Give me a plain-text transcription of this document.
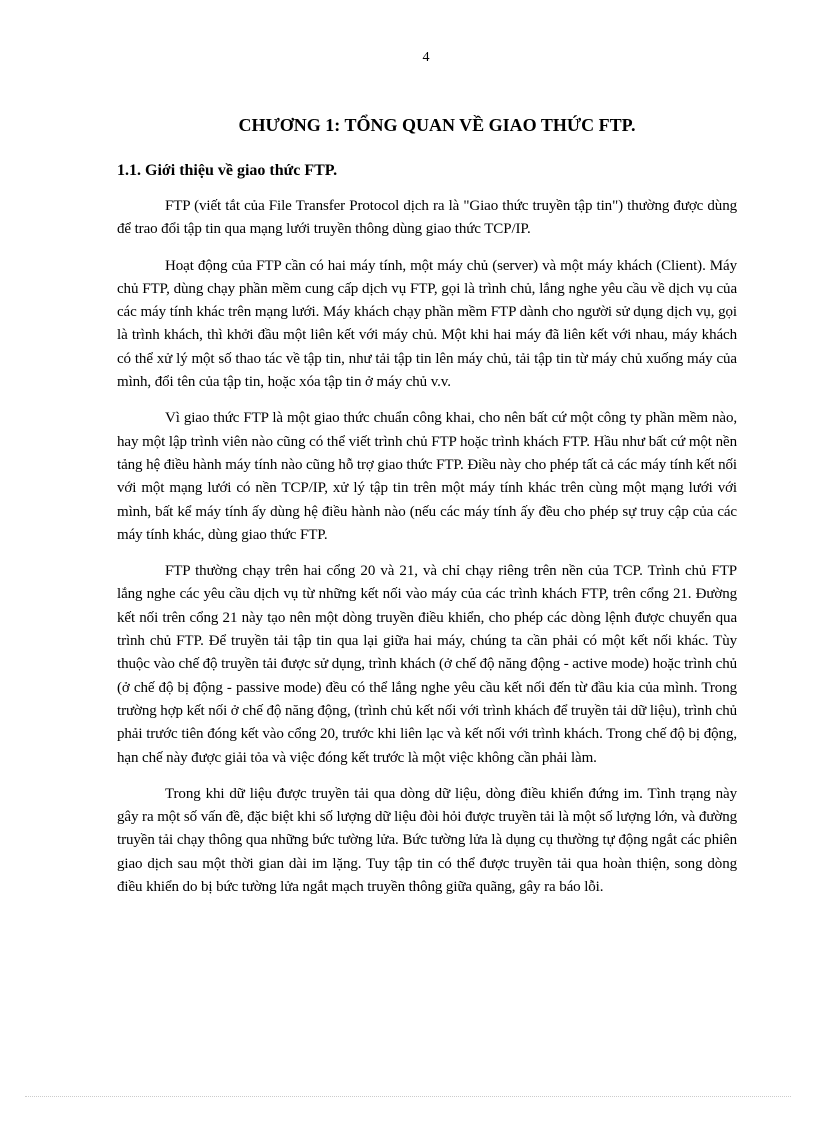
4
CHƯƠNG 1: TỔNG QUAN VỀ GIAO THỨC FTP.
1.1. Giới thiệu về giao thức FTP.

FTP (viết tắt của File Transfer Protocol dịch ra là "Giao thức truyền tập tin") thường được dùng để trao đổi tập tin qua mạng lưới truyền thông dùng giao thức TCP/IP.

Hoạt động của FTP cần có hai máy tính, một máy chủ (server) và một máy khách (Client). Máy chủ FTP, dùng chạy phần mềm cung cấp dịch vụ FTP, gọi là trình chủ, lắng nghe yêu cầu về dịch vụ của các máy tính khác trên mạng lưới. Máy khách chạy phần mềm FTP dành cho người sử dụng dịch vụ, gọi là trình khách, thì khởi đầu một liên kết với máy chủ. Một khi hai máy đã liên kết với nhau, máy khách có thể xử lý một số thao tác về tập tin, như tải tập tin lên máy chủ, tải tập tin từ máy chủ xuống máy của mình, đổi tên của tập tin, hoặc xóa tập tin ở máy chủ v.v.

Vì giao thức FTP là một giao thức chuẩn công khai, cho nên bất cứ một công ty phần mềm nào, hay một lập trình viên nào cũng có thể viết trình chủ FTP hoặc trình khách FTP. Hầu như bất cứ một nền tảng hệ điều hành máy tính nào cũng hỗ trợ giao thức FTP. Điều này cho phép tất cả các máy tính kết nối với một mạng lưới có nền TCP/IP, xử lý tập tin trên một máy tính khác trên cùng một mạng lưới với mình, bất kể máy tính ấy dùng hệ điều hành nào (nếu các máy tính ấy đều cho phép sự truy cập của các máy tính khác, dùng giao thức FTP.

FTP thường chạy trên hai cổng 20 và 21, và chỉ chạy riêng trên nền của TCP. Trình chủ FTP lắng nghe các yêu cầu dịch vụ từ những kết nối vào máy của các trình khách FTP, trên cổng 21. Đường kết nối trên cổng 21 này tạo nên một dòng truyền điều khiển, cho phép các dòng lệnh được chuyển qua trình chủ FTP. Để truyền tải tập tin qua lại giữa hai máy, chúng ta cần phải có một kết nối khác. Tùy thuộc vào chế độ truyền tải được sử dụng, trình khách (ở chế độ năng động - active mode) hoặc trình chủ (ở chế độ bị động - passive mode) đều có thể lắng nghe yêu cầu kết nối đến từ đầu kia của mình. Trong trường hợp kết nối ở chế độ năng động, (trình chủ kết nối với trình khách để truyền tải dữ liệu), trình chủ phải trước tiên đóng kết vào cổng 20, trước khi liên lạc và kết nối với trình khách. Trong chế độ bị động, hạn chế này được giải tỏa và việc đóng kết trước là một việc không cần phải làm.

Trong khi dữ liệu được truyền tải qua dòng dữ liệu, dòng điều khiển đứng im. Tình trạng này gây ra một số vấn đề, đặc biệt khi số lượng dữ liệu đòi hỏi được truyền tải là một số lượng lớn, và đường truyền tải chạy thông qua những bức tường lửa. Bức tường lửa là dụng cụ thường tự động ngắt các phiên giao dịch sau một thời gian dài im lặng. Tuy tập tin có thể được truyền tải qua hoàn thiện, song dòng điều khiển do bị bức tường lửa ngắt mạch truyền thông giữa quãng, gây ra báo lỗi.
